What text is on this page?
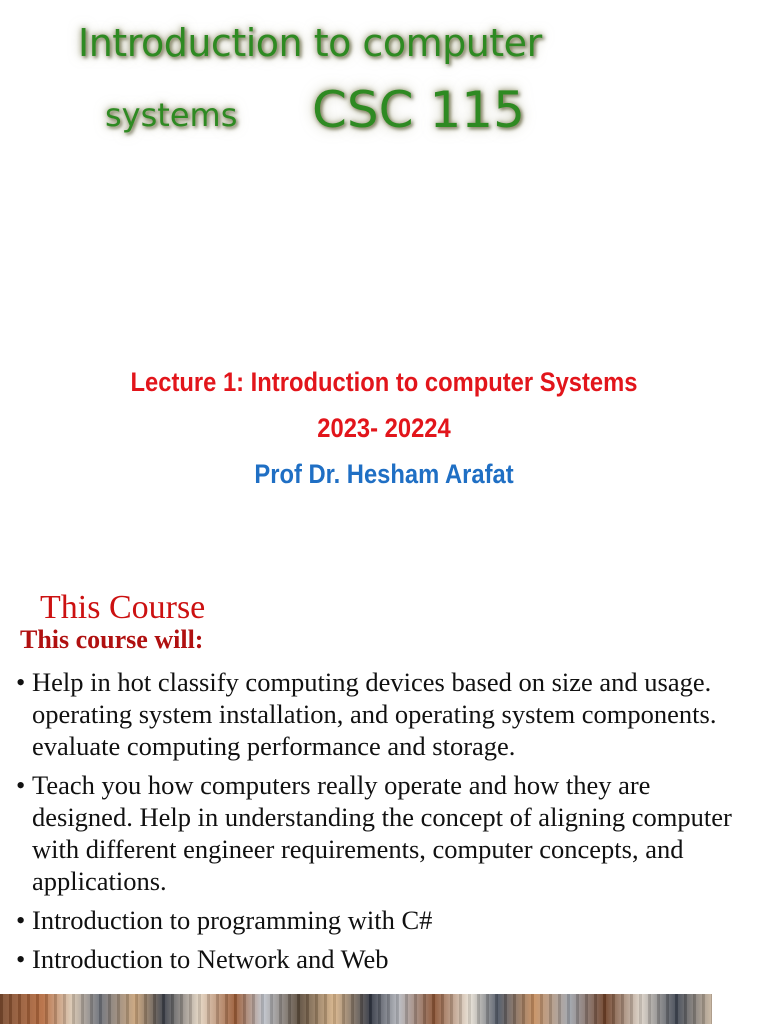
Introduction to computer
systems CSC 115
Lecture 1: Introduction to computer Systems
2023- 20224
Prof Dr. Hesham Arafat
This Course
This course will:
• Help in hot classify computing devices based on size and usage. operating system installation, and operating system components. evaluate computing performance and storage.
• Teach you how computers really operate and how they are designed. Help in understanding the concept of aligning computer with different engineer requirements, computer concepts, and applications.
• Introduction to programming with C#
• Introduction to Network and Web
